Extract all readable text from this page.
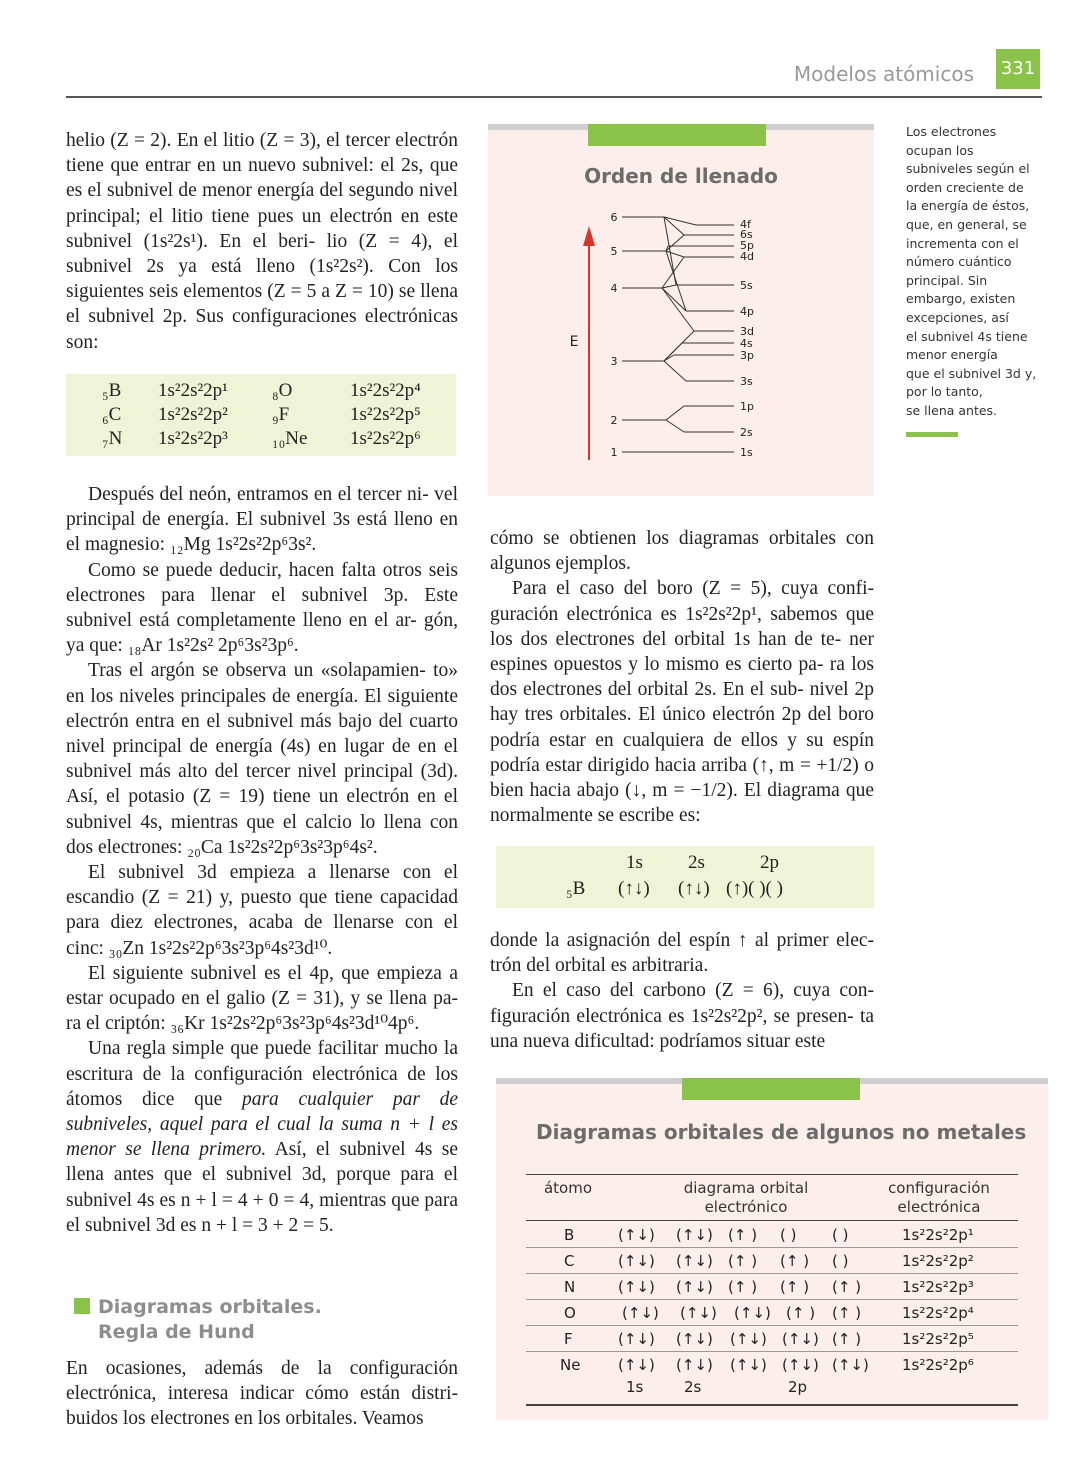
Modelos atómicos 331

helio (Z = 2). En el litio (Z = 3), el tercer electrón tiene que entrar en un nuevo subnivel: el 2s, que es el subnivel de menor energía del segundo nivel principal; el litio tiene pues un electrón en este subnivel (1s²2s¹). En el beri- lio (Z = 4), el subnivel 2s ya está lleno (1s²2s²). Con los siguientes seis elementos (Z = 5 a Z = 10) se llena el subnivel 2p. Sus configuraciones electrónicas son:

₅B 1s²2s²2p¹ ₈O	1s²2s²2p⁴
₆C 1s²2s²2p² ₉F	1s²2s²2p⁵
₇N 1s²2s²2p³ ₁₀Ne 1s²2s²2p⁶

Después del neón, entramos en el tercer ni- vel principal de energía. El subnivel 3s está lleno en el magnesio: ₁₂Mg 1s²2s²2p⁶3s².

Como se puede deducir, hacen falta otros seis electrones para llenar el subnivel 3p. Este subnivel está completamente lleno en el ar- gón, ya que: ₁₈Ar 1s²2s² 2p⁶3s²3p⁶.

Tras el argón se observa un «solapamien- to» en los niveles principales de energía. El siguiente electrón entra en el subnivel más bajo del cuarto nivel principal de energía (4s) en lugar de en el subnivel más alto del tercer nivel principal (3d). Así, el potasio (Z = 19) tiene un electrón en el subnivel 4s, mientras que el calcio lo llena con dos electrones: ₂₀Ca 1s²2s²2p⁶3s²3p⁶4s².

El subnivel 3d empieza a llenarse con el escandio (Z = 21) y, puesto que tiene capacidad para diez electrones, acaba de llenarse con el cinc: ₃₀Zn 1s²2s²2p⁶3s²3p⁶4s²3d¹⁰.

El siguiente subnivel es el 4p, que empieza a estar ocupado en el galio (Z = 31), y se llena pa- ra el criptón: ₃₆Kr 1s²2s²2p⁶3s²3p⁶4s²3d¹⁰4p⁶.

Una regla simple que puede facilitar mucho la escritura de la configuración electrónica de los átomos dice que para cualquier par de subniveles, aquel para el cual la suma n + l es menor se llena primero. Así, el subnivel 4s se llena antes que el subnivel 3d, porque para el subnivel 4s es n + l = 4 + 0 = 4, mientras que para el subnivel 3d es n + l = 3 + 2 = 5.

Diagramas orbitales.
Regla de Hund

En ocasiones, además de la configuración electrónica, interesa indicar cómo están distri- buidos los electrones en los orbitales. Veamos

Orden de llenado
E
6
5
4
3
2
1
4f
6s
5p
4d
5s
4p
3d
4s
3p
3s
1p
2s
1s
Los electrones
ocupan los
subniveles según el
orden creciente de
la energía de éstos,
que, en general, se
incrementa con el
número cuántico
principal. Sin
embargo, existen
excepciones, así
el subnivel 4s tiene
menor energía
que el subnivel 3d y,
por lo tanto,
se llena antes.

cómo se obtienen los diagramas orbitales con algunos ejemplos.

Para el caso del boro (Z = 5), cuya confi- guración electrónica es 1s²2s²2p¹, sabemos que los dos electrones del orbital 1s han de te- ner espines opuestos y lo mismo es cierto pa- ra los dos electrones del orbital 2s. En el sub- nivel 2p hay tres orbitales. El único electrón 2p del boro podría estar en cualquiera de ellos y su espín podría estar dirigido hacia arriba (↑, m = +1/2) o bien hacia abajo (↓, m = −1/2). El diagrama que normalmente se escribe es:

1s 2s	2p
₅B (↑↓) (↑↓) (↑)( )( )

donde la asignación del espín ↑ al primer elec- trón del orbital es arbitraria.

En el caso del carbono (Z = 6), cuya con- figuración electrónica es 1s²2s²2p², se presen- ta una nueva dificultad: podríamos situar este

Diagramas orbitales de algunos no metales
átomo	diagrama orbital
electrónico
configuración
electrónica
B	(↑↓) (↑↓) (↑ ) ( ) ( )	1s²2s²2p¹
C	(↑↓) (↑↓) (↑ ) (↑ ) ( )	1s²2s²2p²
N	(↑↓) (↑↓) (↑ ) (↑ ) (↑ )	1s²2s²2p³
O	(↑↓) (↑↓) (↑↓) (↑ ) (↑ )	1s²2s²2p⁴
F	(↑↓) (↑↓) (↑↓) (↑↓) (↑ )	1s²2s²2p⁵
Ne	(↑↓) (↑↓) (↑↓) (↑↓) (↑↓) 1s²2s²2p⁶
1s	2s	2p
